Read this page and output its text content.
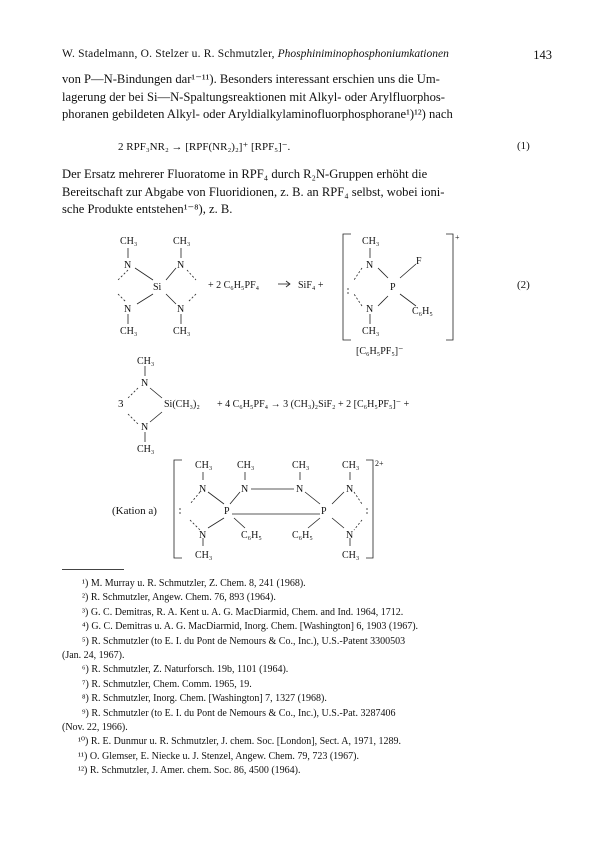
W. Stadelmann, O. Stelzer u. R. Schmutzler, Phosphiniminophosphoniumkationen	143
von P—N-Bindungen dar¹⁻¹¹). Besonders interessant erschien uns die Um-
lagerung der bei Si—N-Spaltungsreaktionen mit Alkyl- oder Arylfluorphos-
phoranen gebildeten Alkyl- oder Aryldialkylaminofluorphosphorane¹)¹²) nach
2 RPF₃NR₂ → [RPF(NR₂)₂]⁺ [RPF₅]⁻.	(1)
Der Ersatz mehrerer Fluoratome in RPF₄ durch R₂N-Gruppen erhöht die
Bereitschaft zur Abgabe von Fluoridionen, z. B. an RPF₄ selbst, wobei ioni-
sche Produkte entstehen¹⁻⁸), z. B.
CH₃	CH₃
N	N
Si
N	N
CH₃	CH₃
+ 2 C₆H₅PF₄	SiF₄ +
CH₃
N
P
F
N	C₆H₅
CH₃
+
[C₆H₅PF₅]⁻
(2)
3
CH₃
N
Si(CH₃)₂
N
CH₃
+ 4 C₆H₅PF₄ → 3 (CH₃)₂SiF₂ + 2 [C₆H₅PF₅]⁻ +
(Kation a)
CH₃ CH₃	CH₃	CH₃
N	N	N	N
P	P
N	C₆H₅	C₆H₅	N
CH₃	CH₃
2+
¹) M. Murray u. R. Schmutzler, Z. Chem. 8, 241 (1968).
²) R. Schmutzler, Angew. Chem. 76, 893 (1964).
³) G. C. Demitras, R. A. Kent u. A. G. MacDiarmid, Chem. and Ind. 1964, 1712.
⁴) G. C. Demitras u. A. G. MacDiarmid, Inorg. Chem. [Washington] 6, 1903 (1967).
⁵) R. Schmutzler (to E. I. du Pont de Nemours & Co., Inc.), U.S.-Patent 3300503
(Jan. 24, 1967).
⁶) R. Schmutzler, Z. Naturforsch. 19b, 1101 (1964).
⁷) R. Schmutzler, Chem. Comm. 1965, 19.
⁸) R. Schmutzler, Inorg. Chem. [Washington] 7, 1327 (1968).
⁹) R. Schmutzler (to E. I. du Pont de Nemours & Co., Inc.), U.S.-Pat. 3287406
(Nov. 22, 1966).
¹⁰) R. E. Dunmur u. R. Schmutzler, J. chem. Soc. [London], Sect. A, 1971, 1289.
¹¹) O. Glemser, E. Niecke u. J. Stenzel, Angew. Chem. 79, 723 (1967).
¹²) R. Schmutzler, J. Amer. chem. Soc. 86, 4500 (1964).
